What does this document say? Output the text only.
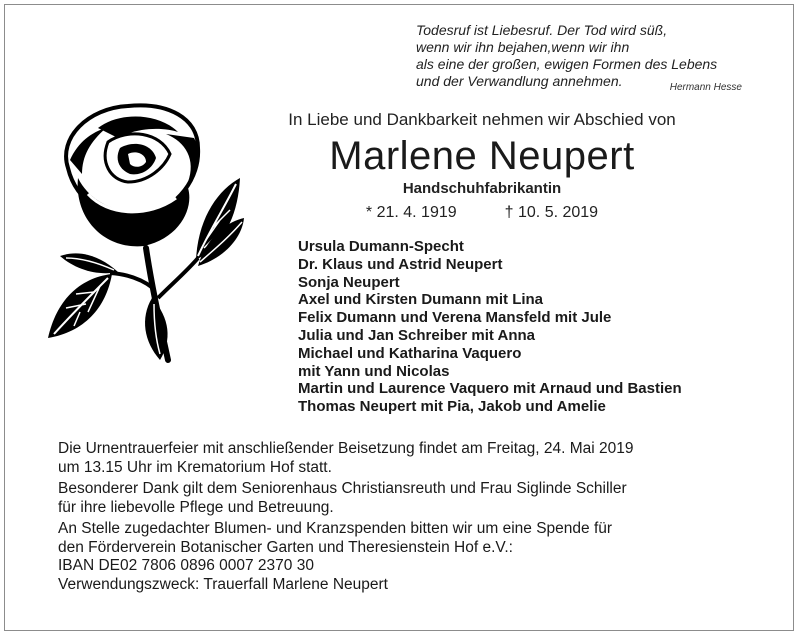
Todesruf ist Liebesruf. Der Tod wird süß,
wenn wir ihn bejahen,wenn wir ihn
als eine der großen, ewigen Formen des Lebens
und der Verwandlung annehmen.	Hermann Hesse
In Liebe und Dankbarkeit nehmen wir Abschied von
Marlene Neupert
Handschuhfabrikantin
* 21. 4. 1919	† 10. 5. 2019
Ursula Dumann-Specht
Dr. Klaus und Astrid Neupert
Sonja Neupert
Axel und Kirsten Dumann mit Lina
Felix Dumann und Verena Mansfeld mit Jule
Julia und Jan Schreiber mit Anna
Michael und Katharina Vaquero
mit Yann und Nicolas
Martin und Laurence Vaquero mit Arnaud und Bastien
Thomas Neupert mit Pia, Jakob und Amelie
Die Urnentrauerfeier mit anschließender Beisetzung findet am Freitag, 24. Mai 2019
um 13.15 Uhr im Krematorium Hof statt.
Besonderer Dank gilt dem Seniorenhaus Christiansreuth und Frau Siglinde Schiller
für ihre liebevolle Pflege und Betreuung.
An Stelle zugedachter Blumen- und Kranzspenden bitten wir um eine Spende für
den Förderverein Botanischer Garten und Theresienstein Hof e.V.:
IBAN DE02 7806 0896 0007 2370 30
Verwendungszweck: Trauerfall Marlene Neupert
